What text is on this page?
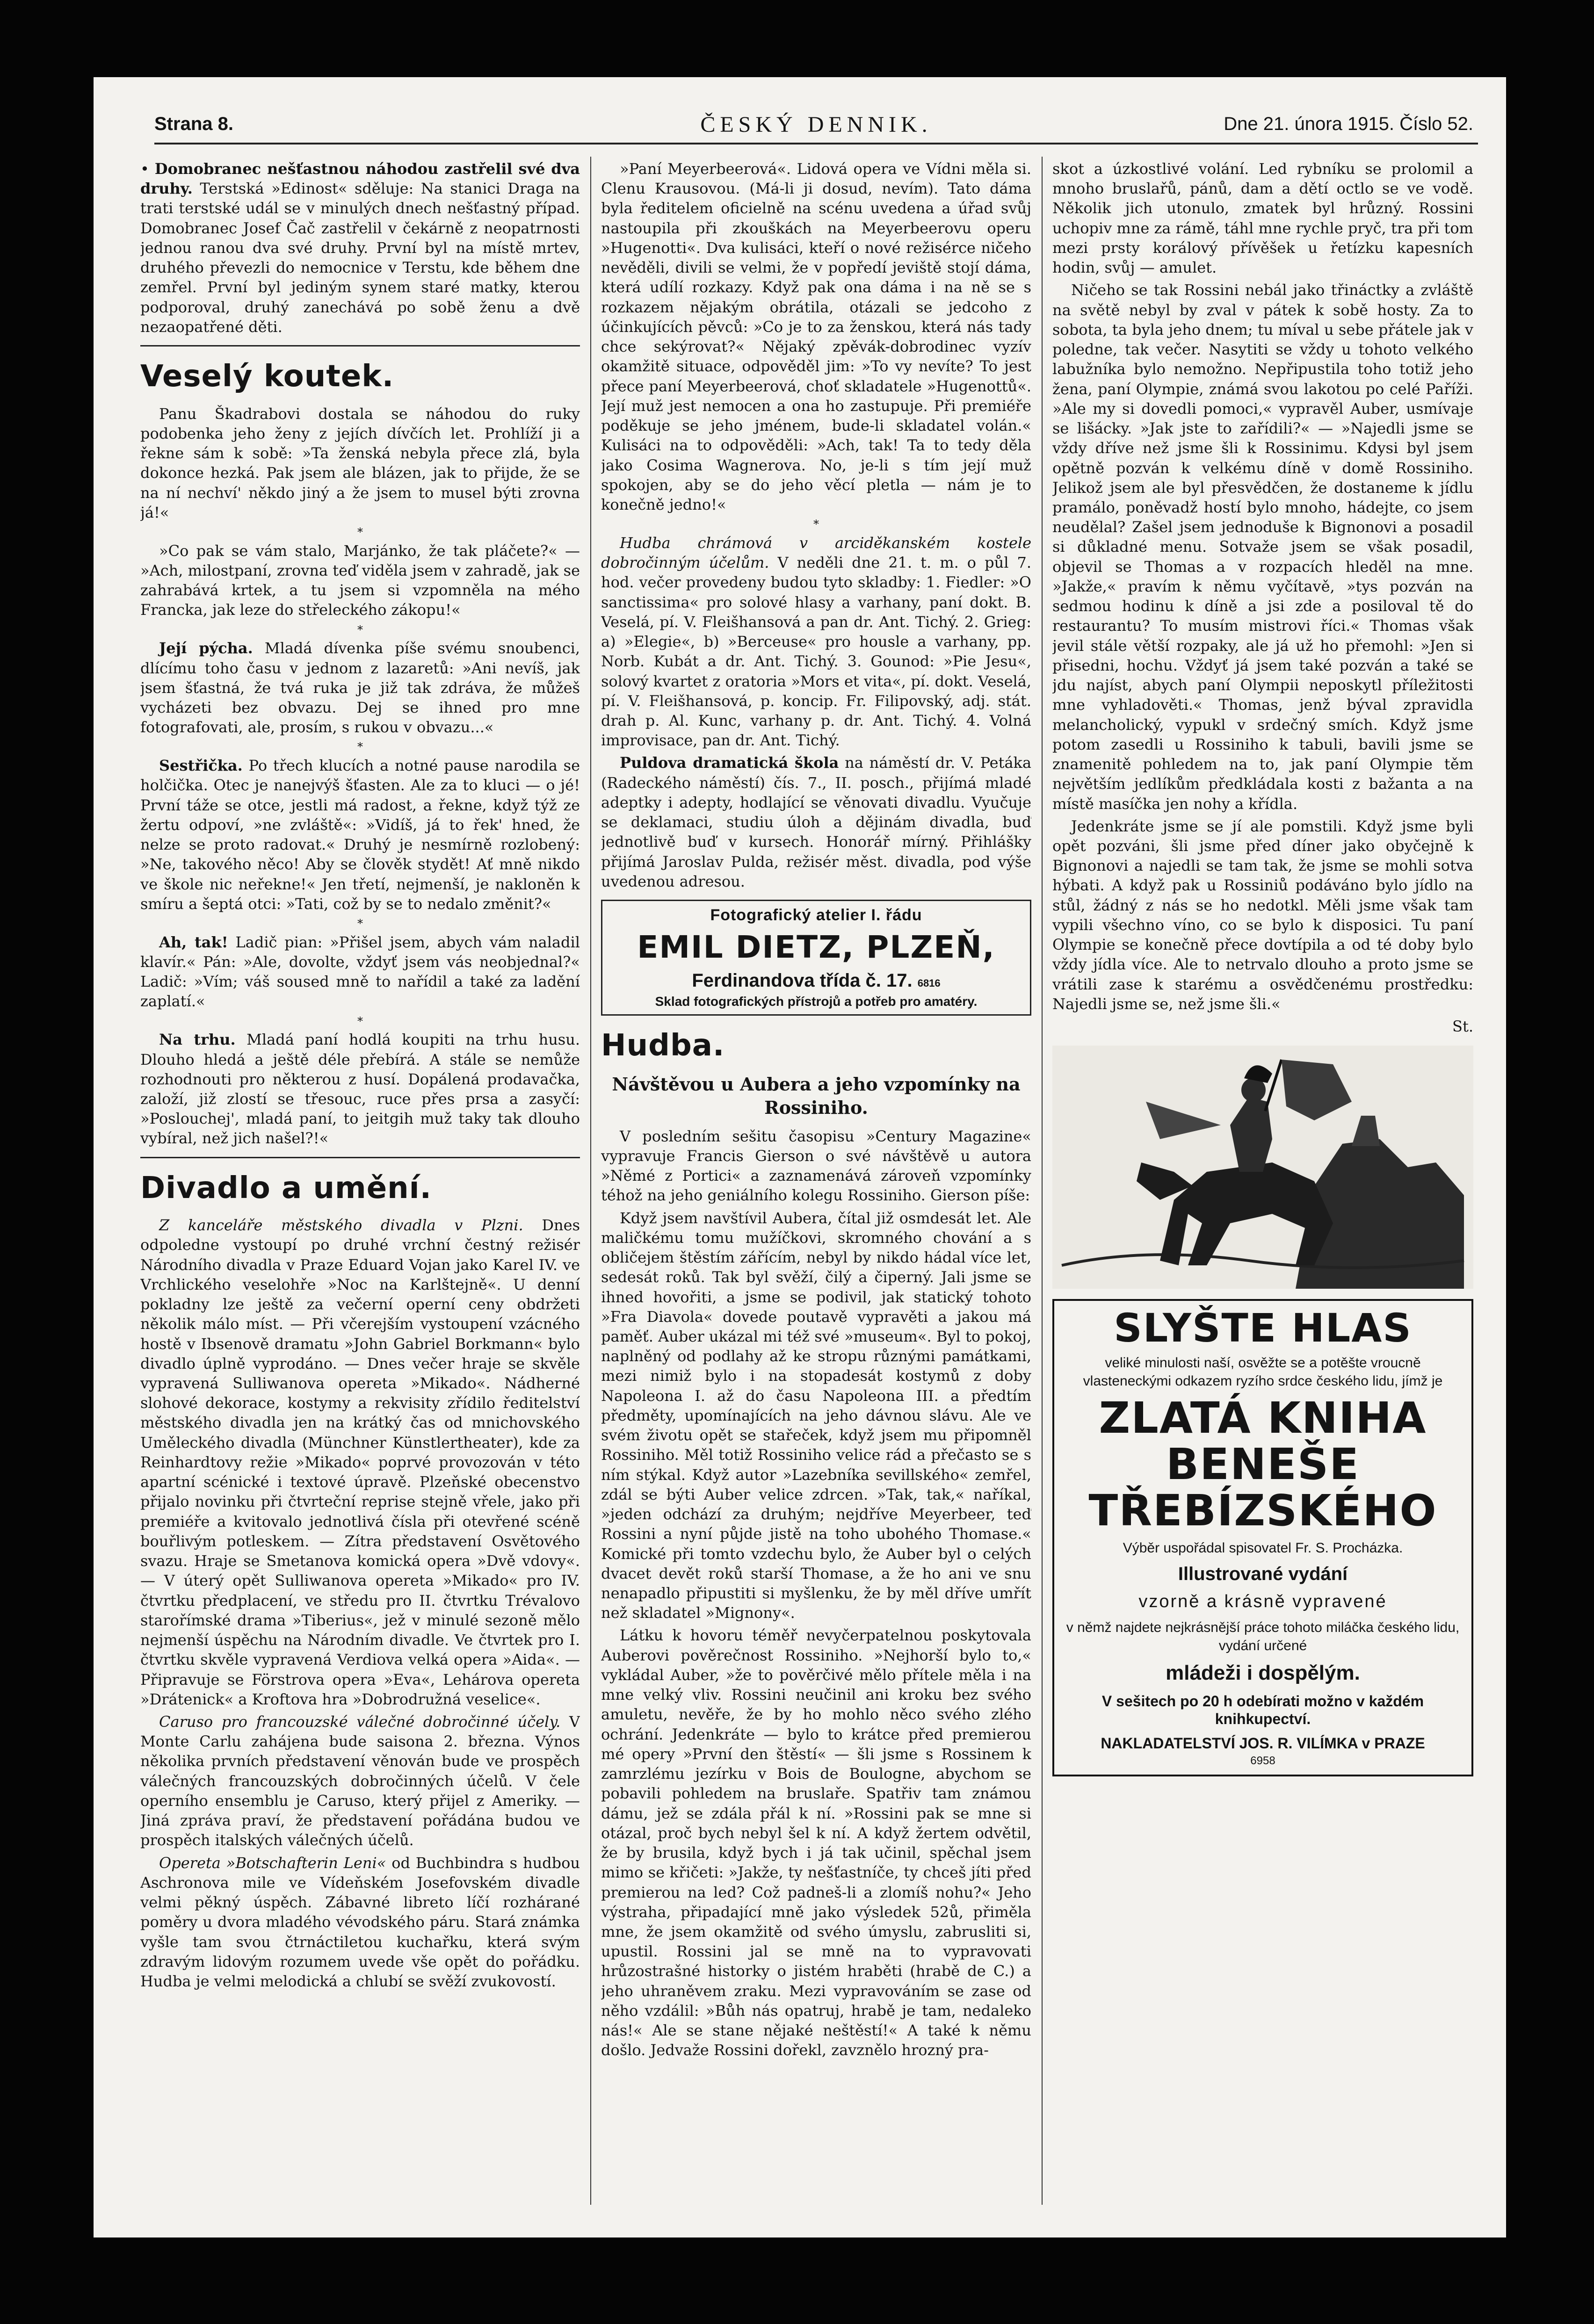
Strana 8.	ČESKÝ DENNIK.	Dne 21. února 1915. Číslo 52.

• Domobranec nešťastnou náhodou zastřelil své dva druhy. Terstská »Edinost« sděluje: Na stanici Draga na trati terstské udál se v minulých dnech nešťastný případ. Domobranec Josef Čač zastřelil v čekárně z neopatrnosti jednou ranou dva své druhy. První byl na místě mrtev, druhého převezli do nemocnice v Terstu, kde během dne zemřel. První byl jediným synem staré matky, kterou podporoval, druhý zanechává po sobě ženu a dvě nezaopatřené děti.

Veselý koutek.

Panu Škadrabovi dostala se náhodou do ruky podobenka jeho ženy z jejích dívčích let. Prohlíží ji a řekne sám k sobě: »Ta ženská nebyla přece zlá, byla dokonce hezká. Pak jsem ale blázen, jak to přijde, že se na ní nechví' někdo jiný a že jsem to musel býti zrovna já!«

*

»Co pak se vám stalo, Marjánko, že tak pláčete?« — »Ach, milostpaní, zrovna teď viděla jsem v zahradě, jak se zahrabává krtek, a tu jsem si vzpomněla na mého Francka, jak leze do střeleckého zákopu!«

*

Její pýcha. Mladá dívenka píše svému snoubenci, dlícímu toho času v jednom z lazaretů: »Ani nevíš, jak jsem šťastná, že tvá ruka je již tak zdráva, že můžeš vycházeti bez obvazu. Dej se ihned pro mne fotografovati, ale, prosím, s rukou v obvazu...«

*

Sestřička. Po třech klucích a notné pause narodila se holčička. Otec je nanejvýš šťasten. Ale za to kluci — o jé! První táže se otce, jestli má radost, a řekne, když týž ze žertu odpoví, »ne zvláště«: »Vidíš, já to řek' hned, že nelze se proto radovat.« Druhý je nesmírně rozlobený: »Ne, takového něco! Aby se člověk stydět! Ať mně nikdo ve škole nic neřekne!« Jen třetí, nejmenší, je nakloněn k smíru a šeptá otci: »Tati, což by se to nedalo změnit?«

*

Ah, tak! Ladič pian: »Přišel jsem, abych vám naladil klavír.« Pán: »Ale, dovolte, vždyť jsem vás neobjednal?« Ladič: »Vím; váš soused mně to nařídil a také za ladění zaplatí.«

*

Na trhu. Mladá paní hodlá koupiti na trhu husu. Dlouho hledá a ještě déle přebírá. A stále se nemůže rozhodnouti pro některou z husí. Dopálená prodavačka, založí, již zlostí se třesouc, ruce přes prsa a zasyčí: »Poslouchej', mladá paní, to jeitgih muž taky tak dlouho vybíral, než jich našel?!«

Divadlo a umění.

Z kanceláře městského divadla v Plzni. Dnes odpoledne vystoupí po druhé vrchní čestný režisér Národního divadla v Praze Eduard Vojan jako Karel IV. ve Vrchlického veselohře »Noc na Karlštejně«. U denní pokladny lze ještě za večerní operní ceny obdržeti několik málo míst. — Při včerejším vystoupení vzácného hostě v Ibsenově dramatu »John Gabriel Borkmann« bylo divadlo úplně vyprodáno. — Dnes večer hraje se skvěle vypravená Sulliwanova opereta »Mikado«. Nádherné slohové dekorace, kostymy a rekvisity zřídilo ředitelství městského divadla jen na krátký čas od mnichovského Uměleckého divadla (Münchner Künstlertheater), kde za Reinhardtovy režie »Mikado« poprvé provozován v této apartní scénické i textové úpravě. Plzeňské obecenstvo přijalo novinku při čtvrteční reprise stejně vřele, jako při premiéře a kvitovalo jednotlivá čísla při otevřené scéně bouřlivým potleskem. — Zítra představení Osvětového svazu. Hraje se Smetanova komická opera »Dvě vdovy«. — V úterý opět Sulliwanova opereta »Mikado« pro IV. čtvrtku předplacení, ve středu pro II. čtvrtku Trévalovo starořímské drama »Tiberius«, jež v minulé sezoně mělo nejmenší úspěchu na Národním divadle. Ve čtvrtek pro I. čtvrtku skvěle vypravená Verdiova velká opera »Aida«. — Připravuje se Förstrova opera »Eva«, Lehárova opereta »Drátenick« a Kroftova hra »Dobrodružná veselice«.

Caruso pro francouzské válečné dobročinné účely. V Monte Carlu zahájena bude saisona 2. března. Výnos několika prvních představení věnován bude ve prospěch válečných francouzských dobročinných účelů. V čele operního ensemblu je Caruso, který přijel z Ameriky. — Jiná zpráva praví, že představení pořádána budou ve prospěch italských válečných účelů.

Opereta »Botschafterin Leni« od Buchbindra s hudbou Aschronova mile ve Vídeňském Josefovském divadle velmi pěkný úspěch. Zábavné libreto líčí rozhárané poměry u dvora mladého vévodského páru. Stará známka vyšle tam svou čtrnáctiletou kuchařku, která svým zdravým lidovým rozumem uvede vše opět do pořádku. Hudba je velmi melodická a chlubí se svěží zvukovostí.

»Paní Meyerbeerová«. Lidová opera ve Vídni měla si. Clenu Krausovou. (Má-li ji dosud, nevím). Tato dáma byla ředitelem oficielně na scénu uvedena a úřad svůj nastoupila při zkouškách na Meyerbeerovu operu »Hugenotti«. Dva kulisáci, kteří o nové režisérce ničeho nevěděli, divili se velmi, že v popředí jeviště stojí dáma, která udílí rozkazy. Když pak ona dáma i na ně se s rozkazem nějakým obrátila, otázali se jedcoho z účinkujících pěvců: »Co je to za ženskou, která nás tady chce sekýrovat?« Nějaký zpěvák-dobrodinec vyzív okamžitě situace, odpověděl jim: »To vy nevíte? To jest přece paní Meyerbeerová, choť skladatele »Hugenottů«. Její muž jest nemocen a ona ho zastupuje. Při premiéře poděkuje se jeho jménem, bude-li skladatel volán.« Kulisáci na to odpověděli: »Ach, tak! Ta to tedy děla jako Cosima Wagnerova. No, je-li s tím její muž spokojen, aby se do jeho věcí pletla — nám je to konečně jedno!«

*

Hudba chrámová v arciděkanském kostele dobročinným účelům. V neděli dne 21. t. m. o půl 7. hod. večer provedeny budou tyto skladby: 1. Fiedler: »O sanctissima« pro solové hlasy a varhany, paní dokt. B. Veselá, pí. V. Fleišhansová a pan dr. Ant. Tichý. 2. Grieg: a) »Elegie«, b) »Berceuse« pro housle a varhany, pp. Norb. Kubát a dr. Ant. Tichý. 3. Gounod: »Pie Jesu«, solový kvartet z oratoria »Mors et vita«, pí. dokt. Veselá, pí. V. Fleišhansová, p. koncip. Fr. Filipovský, adj. stát. drah p. Al. Kunc, varhany p. dr. Ant. Tichý. 4. Volná improvisace, pan dr. Ant. Tichý.

Puldova dramatická škola na náměstí dr. V. Petáka (Radeckého náměstí) čís. 7., II. posch., přijímá mladé adeptky i adepty, hodlající se věnovati divadlu. Vyučuje se deklamaci, studiu úloh a dějinám divadla, buď jednotlivě buď v kursech. Honorář mírný. Přihlášky přijímá Jaroslav Pulda, režisér měst. divadla, pod výše uvedenou adresou.

Fotografický atelier I. řádu
EMIL DIETZ, PLZEŇ,
Ferdinandova třída č. 17. 6816
Sklad fotografických přístrojů a potřeb pro amatéry.
Hudba.

Návštěvou u Aubera a jeho vzpomínky na Rossiniho.

V posledním sešitu časopisu »Century Magazine« vypravuje Francis Gierson o své návštěvě u autora »Němé z Portici« a zaznamenává zároveň vzpomínky téhož na jeho geniálního kolegu Rossiniho. Gierson píše:

Když jsem navštívil Aubera, čítal již osmdesát let. Ale maličkému tomu mužíčkovi, skromného chování a s obličejem štěstím zářícím, nebyl by nikdo hádal více let, sedesát roků. Tak byl svěží, čilý a čiperný. Jali jsme se ihned hovořiti, a jsme se podivil, jak statický tohoto »Fra Diavola« dovede poutavě vypravěti a jakou má paměť. Auber ukázal mi též své »museum«. Byl to pokoj, naplněný od podlahy až ke stropu různými památkami, mezi nimiž bylo i na stopadesát kostymů z doby Napoleona I. až do času Napoleona III. a předtím předměty, upomínajících na jeho dávnou slávu. Ale ve svém životu opět se stařeček, když jsem mu připomněl Rossiniho. Měl totiž Rossiniho velice rád a přečasto se s ním stýkal. Když autor »Lazebníka sevillského« zemřel, zdál se býti Auber velice zdrcen. »Tak, tak,« naříkal, »jeden odchází za druhým; nejdříve Meyerbeer, teď Rossini a nyní půjde jistě na toho ubohého Thomase.« Komické při tomto vzdechu bylo, že Auber byl o celých dvacet devět roků starší Thomase, a že ho ani ve snu nenapadlo připustiti si myšlenku, že by měl dříve umřít než skladatel »Mignony«.

Látku k hovoru téměř nevyčerpatelnou poskytovala Auberovi pověrečnost Rossiniho. »Nejhorší bylo to,« vykládal Auber, »že to pověrčivé mělo přítele měla i na mne velký vliv. Rossini neučinil ani kroku bez svého amuletu, nevěře, že by ho mohlo něco svého zlého ochrání. Jedenkráte — bylo to krátce před premierou mé opery »První den štěstí« — šli jsme s Rossinem k zamrzlému jezírku v Bois de Boulogne, abychom se pobavili pohledem na bruslaře. Spatřiv tam známou dámu, jež se zdála přál k ní. »Rossini pak se mne si otázal, proč bych nebyl šel k ní. A když žertem odvětil, že by brusila, když bych i já tak učinil, spěchal jsem mimo se křičeti: »Jakže, ty nešťastníče, ty chceš jíti před premierou na led? Což padneš-li a zlomíš nohu?« Jeho výstraha, připadající mně jako výsledek 52ů, přiměla mne, že jsem okamžitě od svého úmyslu, zabrusliti si, upustil. Rossini jal se mně na to vypravovati hrůzostrašné historky o jistém hraběti (hrabě de C.) a jeho uhraněvem zraku. Mezi vypravováním se zase od něho vzdálil: »Bůh nás opatruj, hrabě je tam, nedaleko nás!« Ale se stane nějaké neštěstí!« A také k němu došlo. Jedvaže Rossini dořekl, zavznělo hrozný pra-

skot a úzkostlivé volání. Led rybníku se prolomil a mnoho bruslařů, pánů, dam a dětí octlo se ve vodě. Několik jich utonulo, zmatek byl hrůzný. Rossini uchopiv mne za rámě, táhl mne rychle pryč, tra při tom mezi prsty korálový přívěšek u řetízku kapesních hodin, svůj — amulet.

Ničeho se tak Rossini nebál jako třináctky a zvláště na světě nebyl by zval v pátek k sobě hosty. Za to sobota, ta byla jeho dnem; tu míval u sebe přátele jak v poledne, tak večer. Nasytiti se vždy u tohoto velkého labužníka bylo nemožno. Nepřipustila toho totiž jeho žena, paní Olympie, známá svou lakotou po celé Paříži. »Ale my si dovedli pomoci,« vypravěl Auber, usmívaje se lišácky. »Jak jste to zařídili?« — »Najedli jsme se vždy dříve než jsme šli k Rossinimu. Kdysi byl jsem opětně pozván k velkému díně v domě Rossiniho. Jelikož jsem ale byl přesvědčen, že dostaneme k jídlu pramálo, poněvadž hostí bylo mnoho, hádejte, co jsem neudělal? Zašel jsem jednoduše k Bignonovi a posadil si důkladné menu. Sotvaže jsem se však posadil, objevil se Thomas a v rozpacích hleděl na mne. »Jakže,« pravím k němu vyčítavě, »tys pozván na sedmou hodinu k díně a jsi zde a posiloval tě do restaurantu? To musím mistrovi říci.« Thomas však jevil stále větší rozpaky, ale já už ho přemohl: »Jen si přisedni, hochu. Vždyť já jsem také pozván a také se jdu najíst, abych paní Olympii neposkytl příležitosti mne vyhladověti.« Thomas, jenž býval zpravidla melancholický, vypukl v srdečný smích. Když jsme potom zasedli u Rossiniho k tabuli, bavili jsme se znamenitě pohledem na to, jak paní Olympie těm největším jedlíkům předkládala kosti z bažanta a na místě masíčka jen nohy a křídla.

Jedenkráte jsme se jí ale pomstili. Když jsme byli opět pozváni, šli jsme před díner jako obyčejně k Bignonovi a najedli se tam tak, že jsme se mohli sotva hýbati. A když pak u Rossiniů podáváno bylo jídlo na stůl, žádný z nás se ho nedotkl. Měli jsme však tam vypili všechno víno, co se bylo k disposici. Tu paní Olympie se konečně přece dovtípila a od té doby bylo vždy jídla více. Ale to netrvalo dlouho a proto jsme se vrátili zase k starému a osvědčenému prostředku: Najedli jsme se, než jsme šli.«

St.

SLYŠTE HLAS
veliké minulosti naší, osvěžte se a potěšte vroucně vlasteneckými odkazem ryzího srdce českého lidu, jímž je
ZLATÁ KNIHA BENEŠE TŘEBÍZSKÉHO
Výběr uspořádal spisovatel Fr. S. Procházka.
Illustrované vydání
vzorně a krásně vypravené
v němž najdete nejkrásnější práce tohoto miláčka českého lidu, vydání určené
mládeži i dospělým.
V sešitech po 20 h odebírati možno v každém knihkupectví.
NAKLADATELSTVÍ JOS. R. VILÍMKA v PRAZE
6958
